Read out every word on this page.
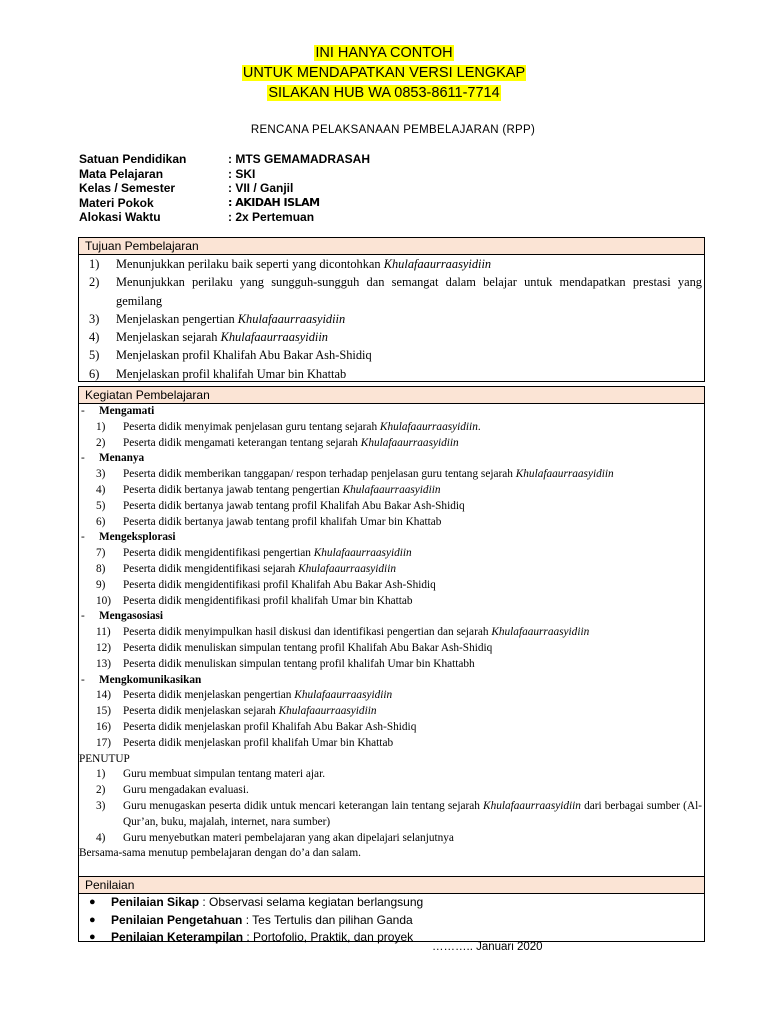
INI HANYA CONTOH
UNTUK MENDAPATKAN VERSI LENGKAP
SILAKAN HUB WA 0853-8611-7714
RENCANA PELAKSANAAN PEMBELAJARAN (RPP)
Satuan Pendidikan	: MTS GEMAMADRASAH
Mata Pelajaran	: SKI
Kelas / Semester	: VII / Ganjil
Materi Pokok	: AKIDAH ISLAM
Alokasi Waktu	: 2x Pertemuan
Tujuan Pembelajaran
1) Menunjukkan perilaku baik seperti yang dicontohkan Khulafaaurraasyidiin
2) Menunjukkan perilaku yang sungguh-sungguh dan semangat dalam belajar untuk mendapatkan prestasi yang gemilang
3) Menjelaskan pengertian Khulafaaurraasyidiin
4) Menjelaskan sejarah Khulafaaurraasyidiin
5) Menjelaskan profil Khalifah Abu Bakar Ash-Shidiq
6) Menjelaskan profil khalifah Umar bin Khattab
Kegiatan Pembelajaran
- Mengamati
1) Peserta didik menyimak penjelasan guru tentang sejarah Khulafaaurraasyidiin.
2) Peserta didik mengamati keterangan tentang sejarah Khulafaaurraasyidiin
- Menanya
3) Peserta didik memberikan tanggapan/ respon terhadap penjelasan guru tentang sejarah Khulafaaurraasyidiin
4) Peserta didik bertanya jawab tentang pengertian Khulafaaurraasyidiin
5) Peserta didik bertanya jawab tentang profil Khalifah Abu Bakar Ash-Shidiq
6) Peserta didik bertanya jawab tentang profil khalifah Umar bin Khattab
- Mengeksplorasi
7) Peserta didik mengidentifikasi pengertian Khulafaaurraasyidiin
8) Peserta didik mengidentifikasi sejarah Khulafaaurraasyidiin
9) Peserta didik mengidentifikasi profil Khalifah Abu Bakar Ash-Shidiq
10) Peserta didik mengidentifikasi profil khalifah Umar bin Khattab
- Mengasosiasi
11) Peserta didik menyimpulkan hasil diskusi dan identifikasi pengertian dan sejarah Khulafaaurraasyidiin
12) Peserta didik menuliskan simpulan tentang profil Khalifah Abu Bakar Ash-Shidiq
13) Peserta didik menuliskan simpulan tentang profil khalifah Umar bin Khattabh
- Mengkomunikasikan
14) Peserta didik menjelaskan pengertian Khulafaaurraasyidiin
15) Peserta didik menjelaskan sejarah Khulafaaurraasyidiin
16) Peserta didik menjelaskan profil Khalifah Abu Bakar Ash-Shidiq
17) Peserta didik menjelaskan profil khalifah Umar bin Khattab
PENUTUP
1) Guru membuat simpulan tentang materi ajar.
2) Guru mengadakan evaluasi.
3) Guru menugaskan peserta didik untuk mencari keterangan lain tentang sejarah Khulafaaurraasyidiin dari berbagai sumber (Al-Qur’an, buku, majalah, internet, nara sumber)
4) Guru menyebutkan materi pembelajaran yang akan dipelajari selanjutnya
Bersama-sama menutup pembelajaran dengan do’a dan salam.
Penilaian
● Penilaian Sikap : Observasi selama kegiatan berlangsung
● Penilaian Pengetahuan : Tes Tertulis dan pilihan Ganda
● Penilaian Keterampilan : Portofolio, Praktik, dan proyek
……….. Januari 2020
